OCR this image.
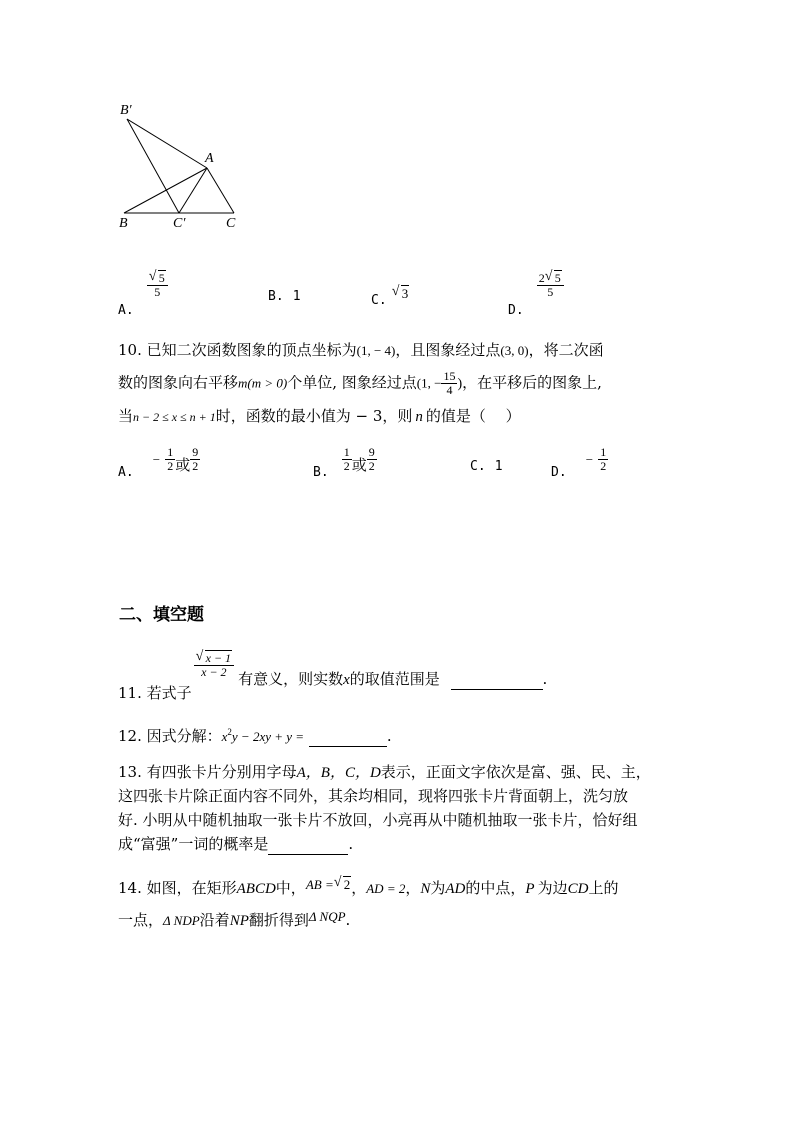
B′
A
B	C′	C
$_{A.}$
√ $\frac{5}{5}$	B. 1	$_{C.}$ √ 3
$_{D.}$
$\frac{2 √ 5}{5}$
10. 已知二次函数图象的顶点坐标为(1, − 4)，且图象经过点(3, 0)，将二次函
数的图象向右平移m(m > 0)个单位, 图象经过点(1, − $\frac{15}{4}$ )，在平移后的图象上,
当n − 2 ≤ x ≤ n + 1时，函数的最小值为 − 3，则 n 的值是（　 ）
$_{A.} - \frac{1}{2}$ 或 $\frac{9}{2}$	$_{B.} \frac{1}{2}$ 或 $\frac{9}{2}$	C. 1	$_{D.} - \frac{1}{2}$
二、填空题
11. 若式子
√ $\frac{x - 1}{x - 2}$ 有意义，则实数x的取值范围是	.
12. 因式分解：$x^2y - 2xy + y$ =	.
13. 有四张卡片分别用字母A，B，C，D表示，正面文字依次是富、强、民、主，
这四张卡片除正面内容不同外，其余均相同，现将四张卡片背面朝上，洗匀放
好. 小明从中随机抽取一张卡片不放回，小亮再从中随机抽取一张卡片，恰好组
成“富强”一词的概率是	.
14. 如图，在矩形ABCD中，AB = √ 2，AD = 2，N为AD的中点，P 为边CD上的
一点，Δ NDP沿着NP翻折得到Δ NQP.
